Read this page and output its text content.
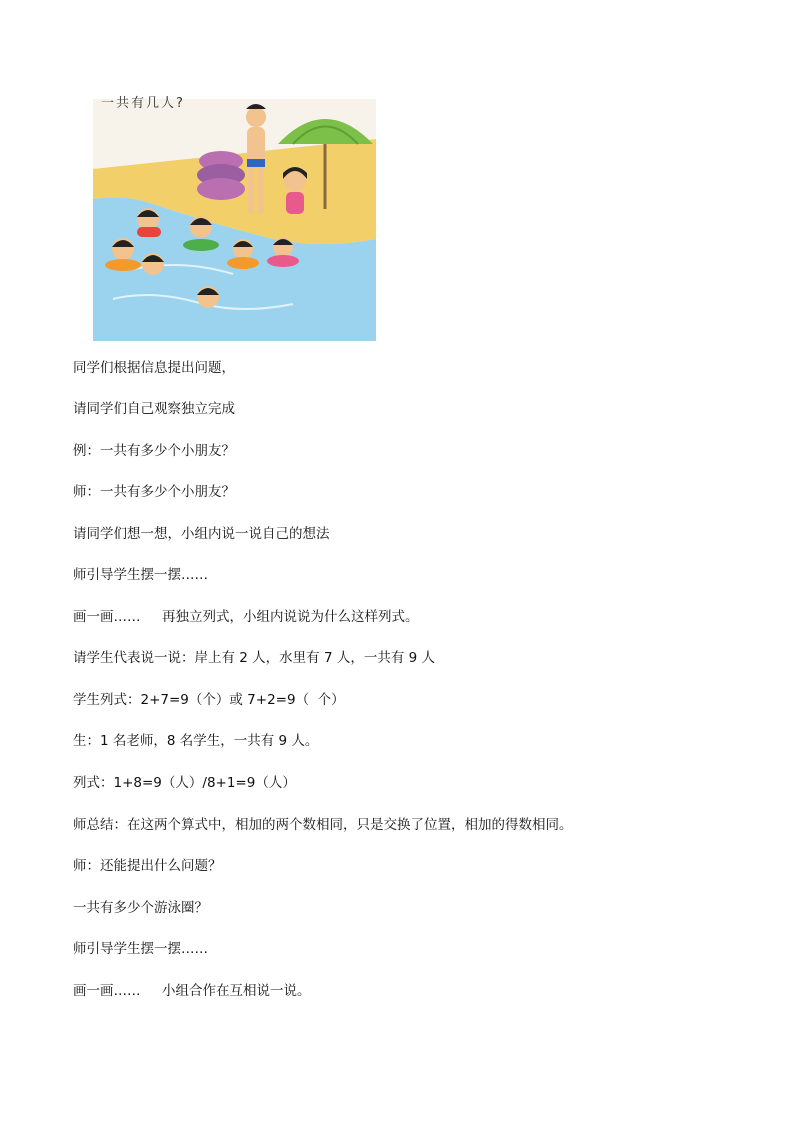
一共有几人?
同学们根据信息提出问题，
请同学们自己观察独立完成
例：一共有多少个小朋友？
师：一共有多少个小朋友？
请同学们想一想，小组内说一说自己的想法
师引导学生摆一摆……
画一画……     再独立列式，小组内说说为什么这样列式。
请学生代表说一说：岸上有 2 人，水里有 7 人，一共有 9 人
学生列式：2+7=9（个）或 7+2=9（  个）
生：1 名老师，8 名学生，一共有 9 人。
列式：1+8=9（人）/8+1=9（人）
师总结：在这两个算式中，相加的两个数相同，只是交换了位置，相加的得数相同。
师：还能提出什么问题？
一共有多少个游泳圈？
师引导学生摆一摆……
画一画……     小组合作在互相说一说。
